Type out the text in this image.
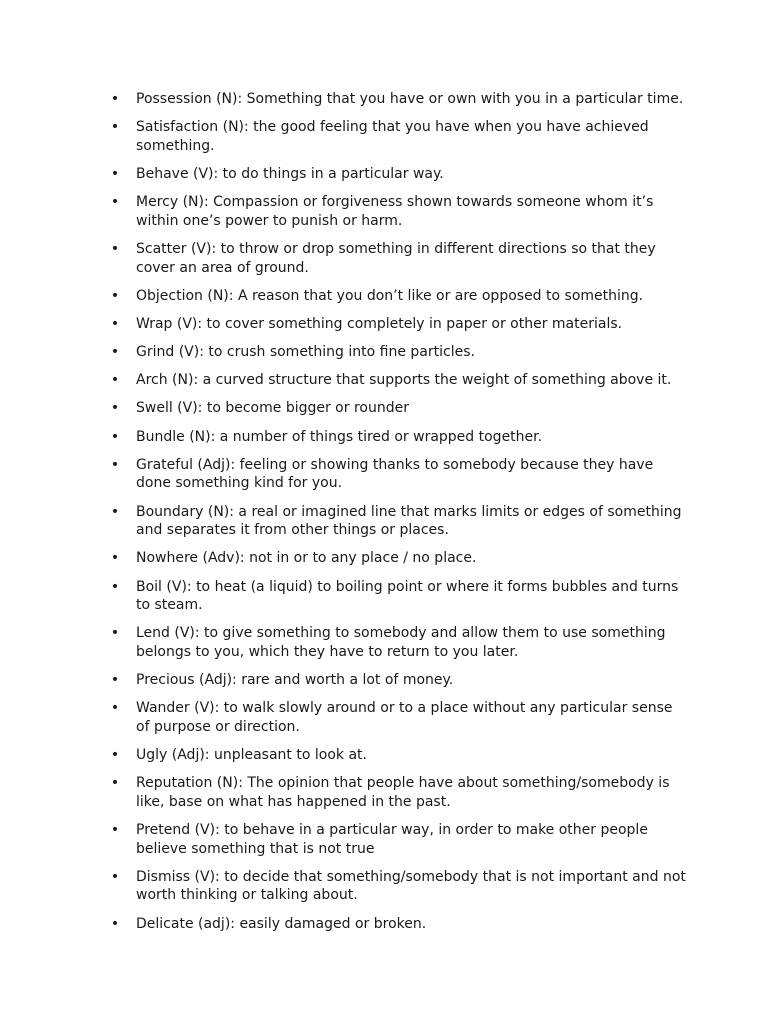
• Possession (N): Something that you have or own with you in a particular time.
• Satisfaction (N): the good feeling that you have when you have achieved something.
• Behave (V): to do things in a particular way.
• Mercy (N): Compassion or forgiveness shown towards someone whom it’s within one’s power to punish or harm.
• Scatter (V): to throw or drop something in different directions so that they cover an area of ground.
• Objection (N): A reason that you don’t like or are opposed to something.
• Wrap (V): to cover something completely in paper or other materials.
• Grind (V): to crush something into fine particles.
• Arch (N): a curved structure that supports the weight of something above it.
• Swell (V): to become bigger or rounder
• Bundle (N): a number of things tired or wrapped together.
• Grateful (Adj): feeling or showing thanks to somebody because they have done something kind for you.
• Boundary (N): a real or imagined line that marks limits or edges of something and separates it from other things or places.
• Nowhere (Adv): not in or to any place / no place.
• Boil (V): to heat (a liquid) to boiling point or where it forms bubbles and turns to steam.
• Lend (V): to give something to somebody and allow them to use something belongs to you, which they have to return to you later.
• Precious (Adj): rare and worth a lot of money.
• Wander (V): to walk slowly around or to a place without any particular sense of purpose or direction.
• Ugly (Adj): unpleasant to look at.
• Reputation (N): The opinion that people have about something/somebody is like, base on what has happened in the past.
• Pretend (V): to behave in a particular way, in order to make other people believe something that is not true
• Dismiss (V): to decide that something/somebody that is not important and not worth thinking or talking about.
• Delicate (adj): easily damaged or broken.
